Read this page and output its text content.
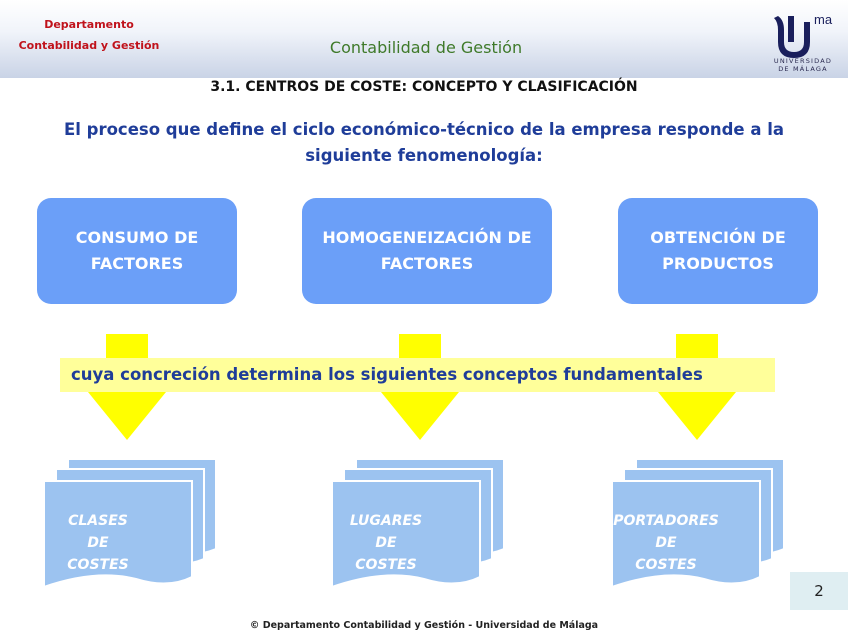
Departamento
Contabilidad y Gestión	Contabilidad de Gestión
ma
UNIVERSIDAD
DE MÁLAGA
3.1. CENTROS DE COSTE: CONCEPTO Y CLASIFICACIÓN
El proceso que define el ciclo económico-técnico de la empresa responde a la siguiente fenomenología:
CONSUMO DE
FACTORES
HOMOGENEIZACIÓN DE
FACTORES
OBTENCIÓN DE
PRODUCTOS
cuya concreción determina los siguientes conceptos fundamentales
CLASES
DE
COSTES
LUGARES
DE
COSTES
PORTADORES
DE
COSTES
2
© Departamento Contabilidad y Gestión - Universidad de Málaga
